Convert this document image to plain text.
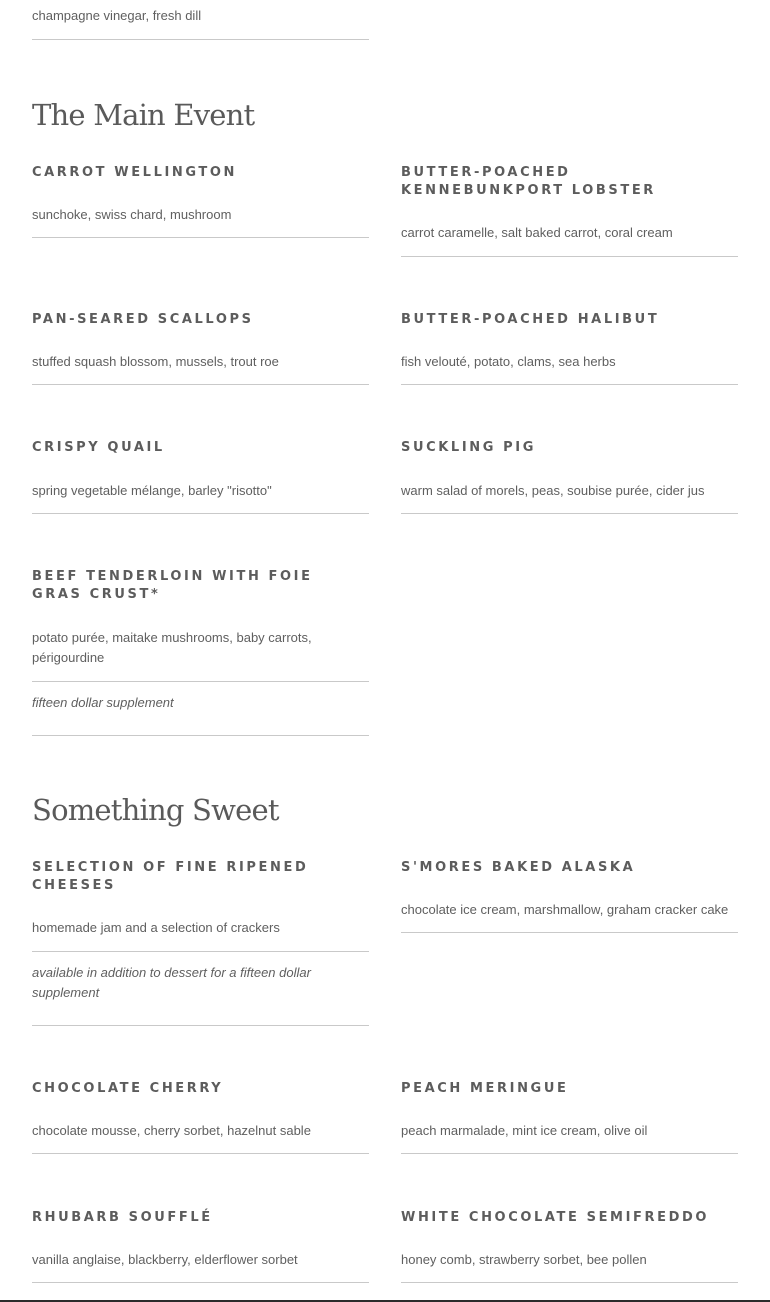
champagne vinegar, fresh dill

The Main Event
CARROT WELLINGTON

sunchoke, swiss chard, mushroom

BUTTER-POACHED KENNEBUNKPORT LOBSTER

carrot caramelle, salt baked carrot, coral cream

PAN-SEARED SCALLOPS

stuffed squash blossom, mussels, trout roe

BUTTER-POACHED HALIBUT

fish velouté, potato, clams, sea herbs

CRISPY QUAIL

spring vegetable mélange, barley "risotto"

SUCKLING PIG

warm salad of morels, peas, soubise purée, cider jus

BEEF TENDERLOIN WITH FOIE GRAS CRUST*

potato purée, maitake mushrooms, baby carrots, périgourdine

fifteen dollar supplement

Something Sweet
SELECTION OF FINE RIPENED CHEESES

homemade jam and a selection of crackers

available in addition to dessert for a fifteen dollar supplement

S'MORES BAKED ALASKA

chocolate ice cream, marshmallow, graham cracker cake

CHOCOLATE CHERRY

chocolate mousse, cherry sorbet, hazelnut sable

PEACH MERINGUE

peach marmalade, mint ice cream, olive oil

RHUBARB SOUFFLÉ

vanilla anglaise, blackberry, elderflower sorbet

WHITE CHOCOLATE SEMIFREDDO

honey comb, strawberry sorbet, bee pollen
